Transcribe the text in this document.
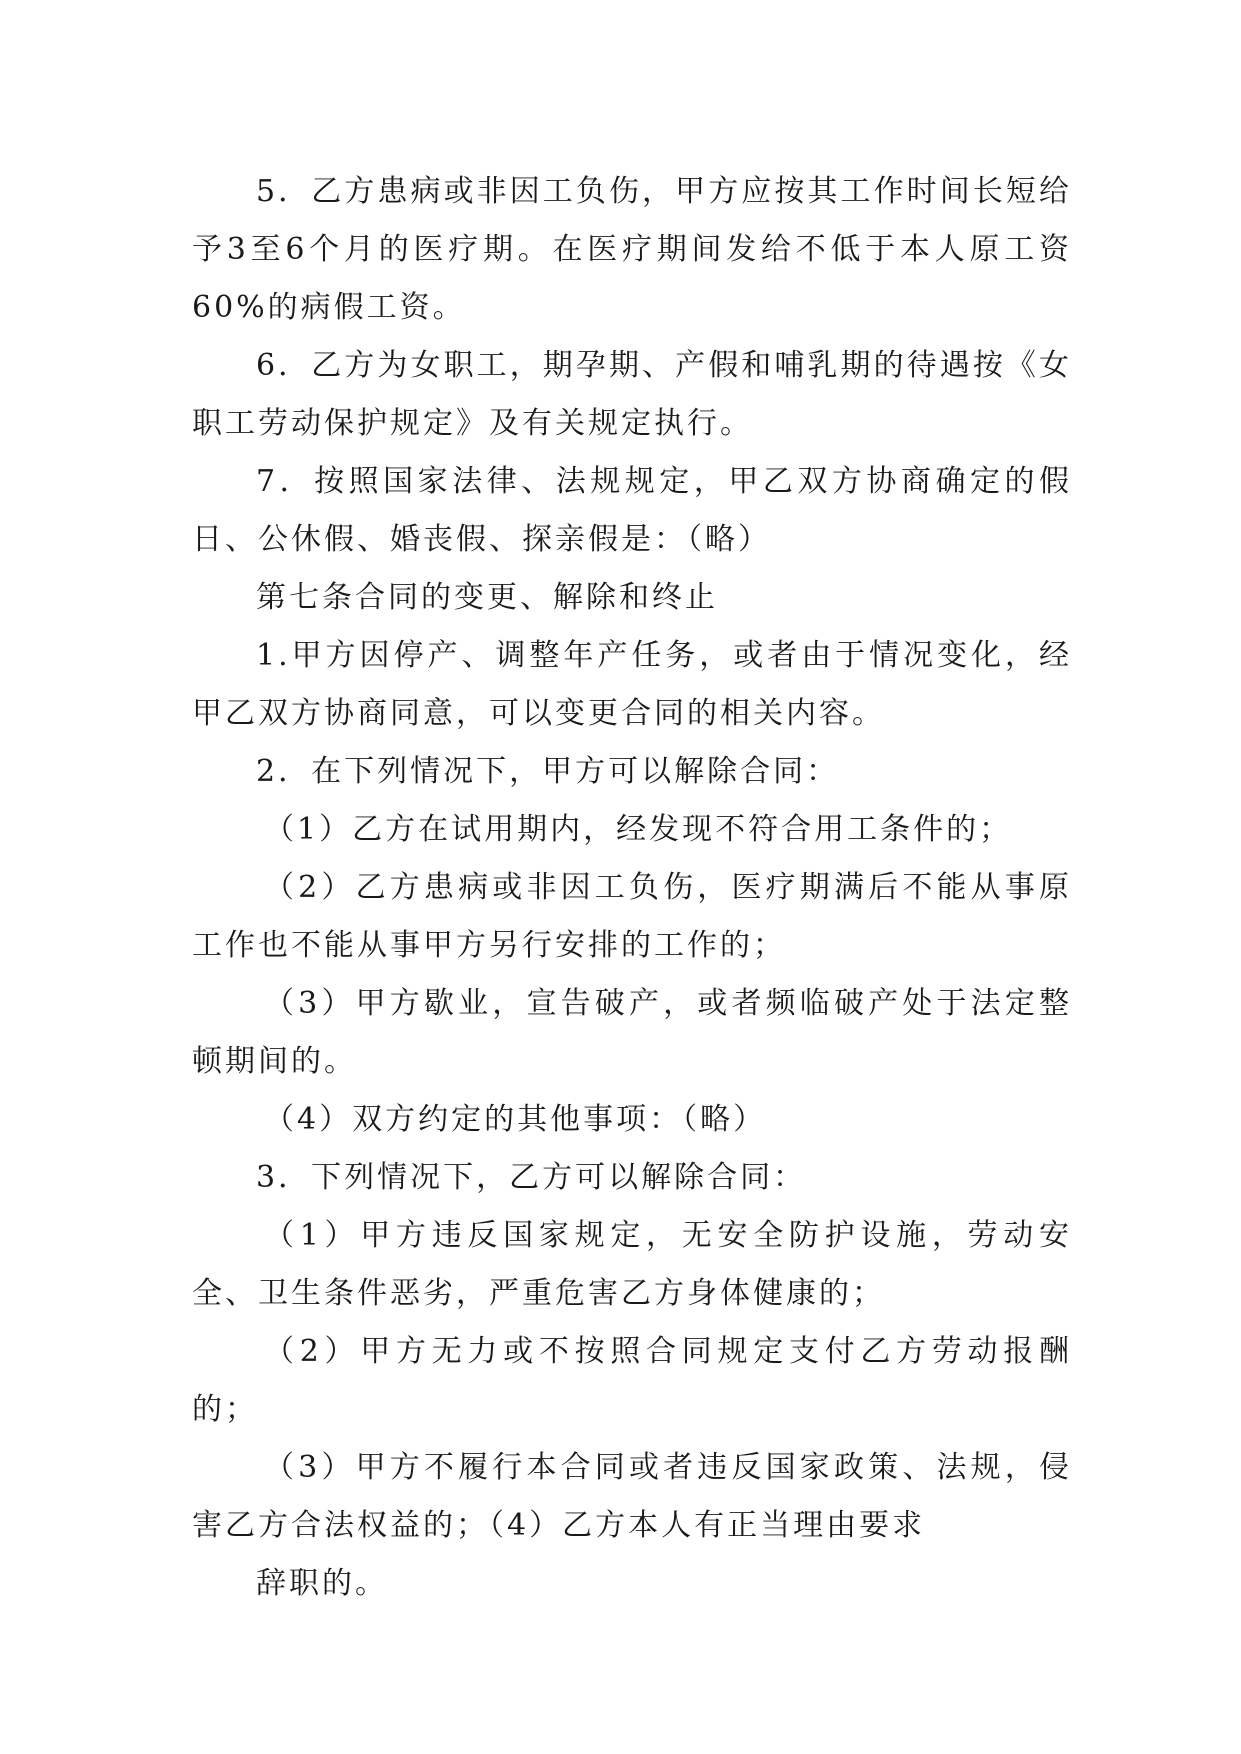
5．乙方患病或非因工负伤，甲方应按其工作时间长短给予3至6个月的医疗期。在医疗期间发给不低于本人原工资60%的病假工资。

6．乙方为女职工，期孕期、产假和哺乳期的待遇按《女职工劳动保护规定》及有关规定执行。

7．按照国家法律、法规规定，甲乙双方协商确定的假日、公休假、婚丧假、探亲假是：（略）

第七条合同的变更、解除和终止

1.甲方因停产、调整年产任务，或者由于情况变化，经甲乙双方协商同意，可以变更合同的相关内容。

2．在下列情况下，甲方可以解除合同：

（1）乙方在试用期内，经发现不符合用工条件的；

（2）乙方患病或非因工负伤，医疗期满后不能从事原工作也不能从事甲方另行安排的工作的；

（3）甲方歇业，宣告破产，或者频临破产处于法定整顿期间的。

（4）双方约定的其他事项：（略）

3．下列情况下，乙方可以解除合同：

（1）甲方违反国家规定，无安全防护设施，劳动安全、卫生条件恶劣，严重危害乙方身体健康的；

（2）甲方无力或不按照合同规定支付乙方劳动报酬的；

（3）甲方不履行本合同或者违反国家政策、法规，侵害乙方合法权益的；（4）乙方本人有正当理由要求

辞职的。
